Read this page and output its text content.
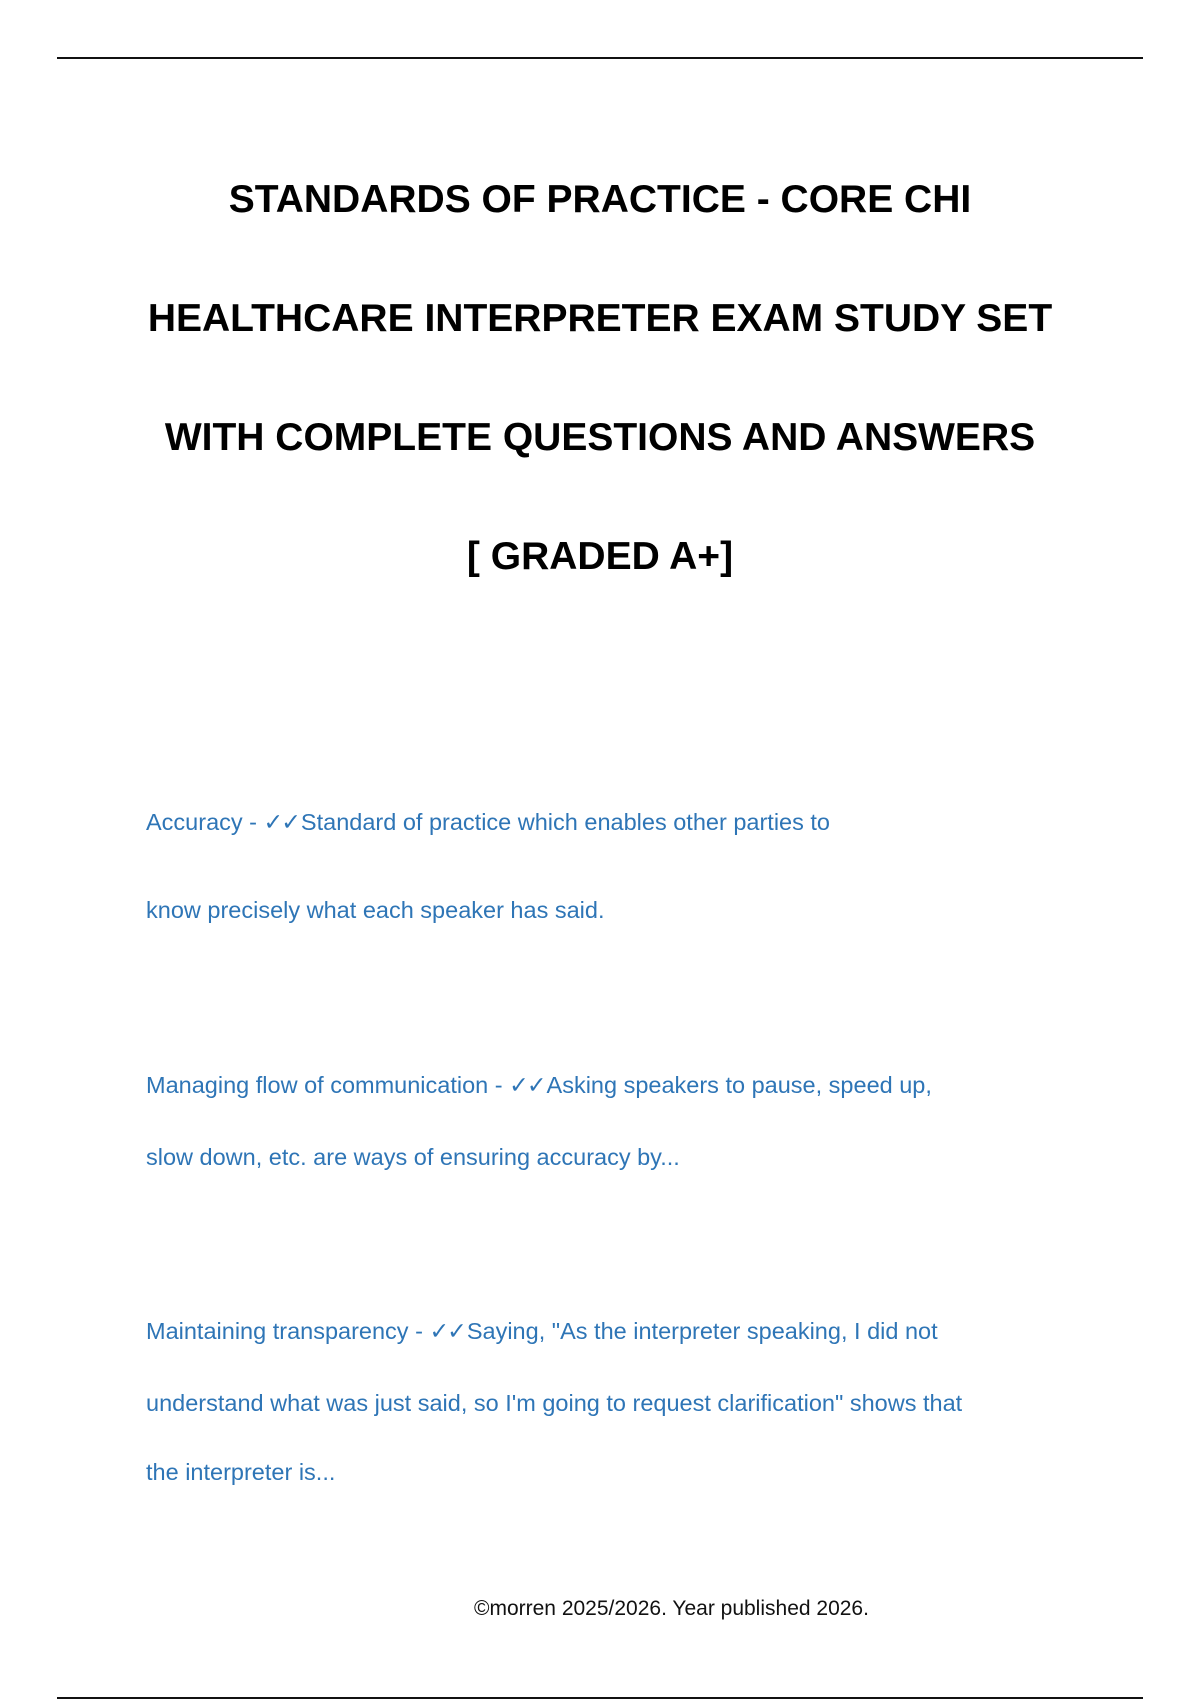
STANDARDS OF PRACTICE - CORE CHI
HEALTHCARE INTERPRETER EXAM STUDY SET
WITH COMPLETE QUESTIONS AND ANSWERS
[ GRADED A+]
Accuracy - ✓✓Standard of practice which enables other parties to
know precisely what each speaker has said.
Managing flow of communication - ✓✓Asking speakers to pause, speed up,
slow down, etc. are ways of ensuring accuracy by...
Maintaining transparency - ✓✓Saying, "As the interpreter speaking, I did not
understand what was just said, so I'm going to request clarification" shows that
the interpreter is...
©morren 2025/2026. Year published 2026.
